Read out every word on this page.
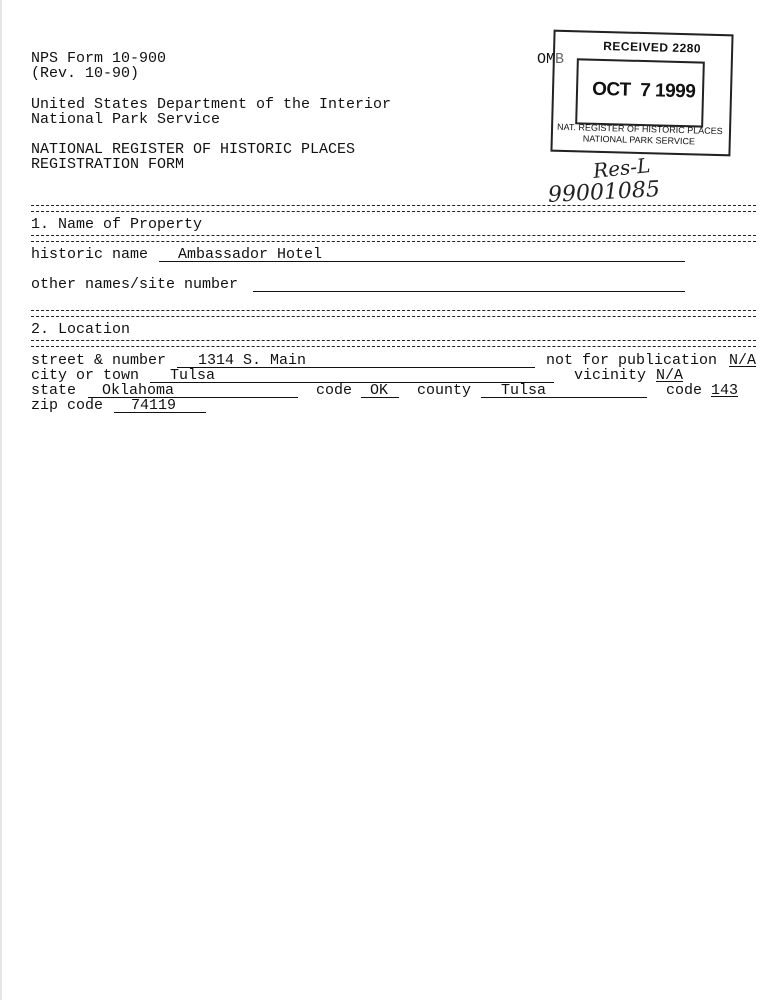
NPS Form 10-900
(Rev. 10-90)
United States Department of the Interior
National Park Service
NATIONAL REGISTER OF HISTORIC PLACES
REGISTRATION FORM
OMB
RECEIVED 2280
OCT  7 1999
NAT. REGISTER OF HISTORIC PLACES
NATIONAL PARK SERVICE
Res-L
99001085
1. Name of Property
historic name Ambassador Hotel
other names/site number
2. Location
street & number 1314 S. Main	not for publication N/A
city or town Tulsa	vicinity N/A
state Oklahoma	code OK county Tulsa	code 143
zip code 74119
